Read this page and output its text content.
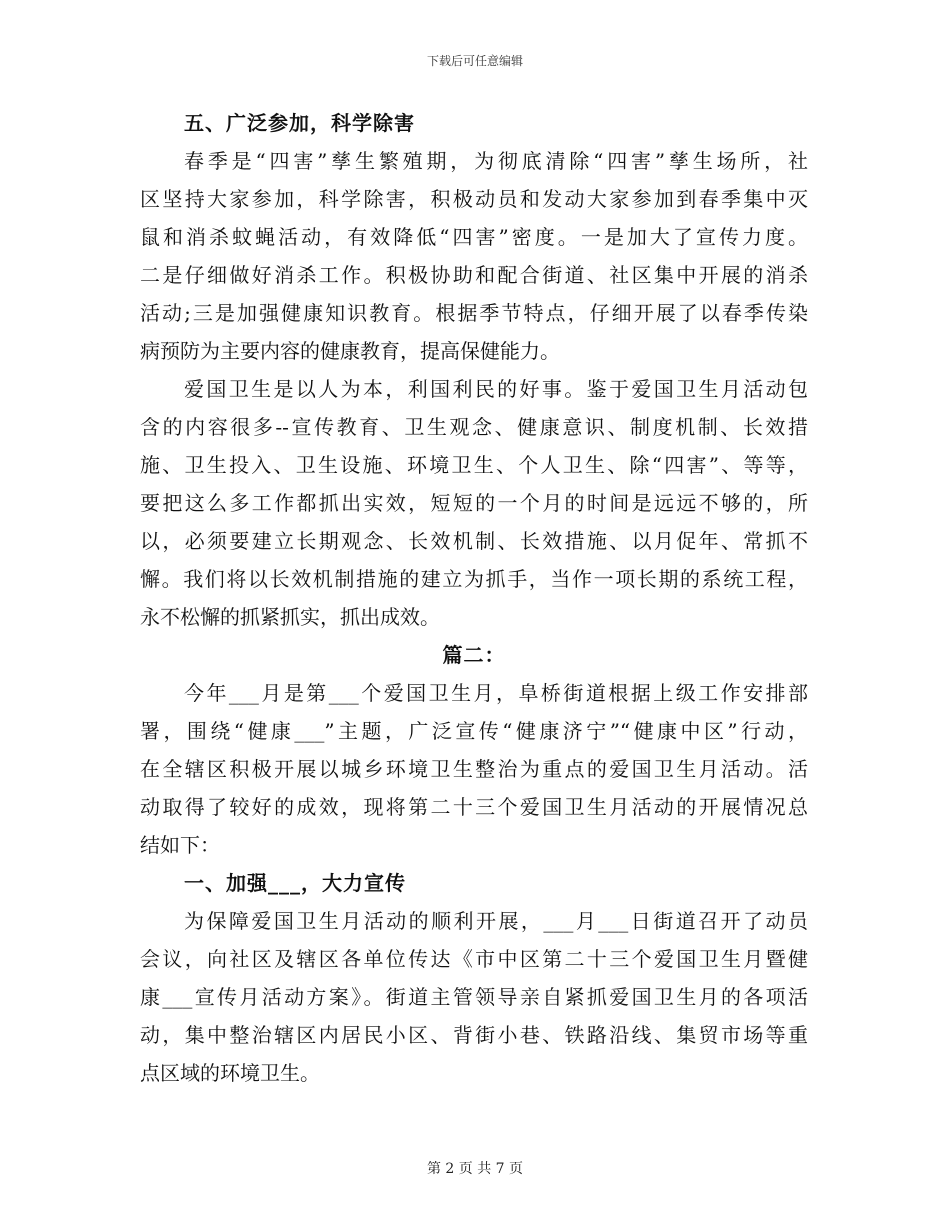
下载后可任意编辑
五、广泛参加，科学除害
春季是“四害”孳生繁殖期，为彻底清除“四害”孳生场所，社
区坚持大家参加，科学除害，积极动员和发动大家参加到春季集中灭
鼠和消杀蚊蝇活动，有效降低“四害”密度。一是加大了宣传力度。
二是仔细做好消杀工作。积极协助和配合街道、社区集中开展的消杀
活动;三是加强健康知识教育。根据季节特点，仔细开展了以春季传染
病预防为主要内容的健康教育，提高保健能力。
爱国卫生是以人为本，利国利民的好事。鉴于爱国卫生月活动包
含的内容很多--宣传教育、卫生观念、健康意识、制度机制、长效措
施、卫生投入、卫生设施、环境卫生、个人卫生、除“四害”、等等，
要把这么多工作都抓出实效，短短的一个月的时间是远远不够的，所
以，必须要建立长期观念、长效机制、长效措施、以月促年、常抓不
懈。我们将以长效机制措施的建立为抓手，当作一项长期的系统工程，
永不松懈的抓紧抓实，抓出成效。
篇二：
今年___月是第___个爱国卫生月，阜桥街道根据上级工作安排部
署，围绕“健康___”主题，广泛宣传“健康济宁”“健康中区”行动，
在全辖区积极开展以城乡环境卫生整治为重点的爱国卫生月活动。活
动取得了较好的成效，现将第二十三个爱国卫生月活动的开展情况总
结如下：
一、加强___，大力宣传
为保障爱国卫生月活动的顺利开展，___月___日街道召开了动员
会议，向社区及辖区各单位传达《市中区第二十三个爱国卫生月暨健
康___宣传月活动方案》。街道主管领导亲自紧抓爱国卫生月的各项活
动，集中整治辖区内居民小区、背街小巷、铁路沿线、集贸市场等重
点区域的环境卫生。
第 2 页 共 7 页
